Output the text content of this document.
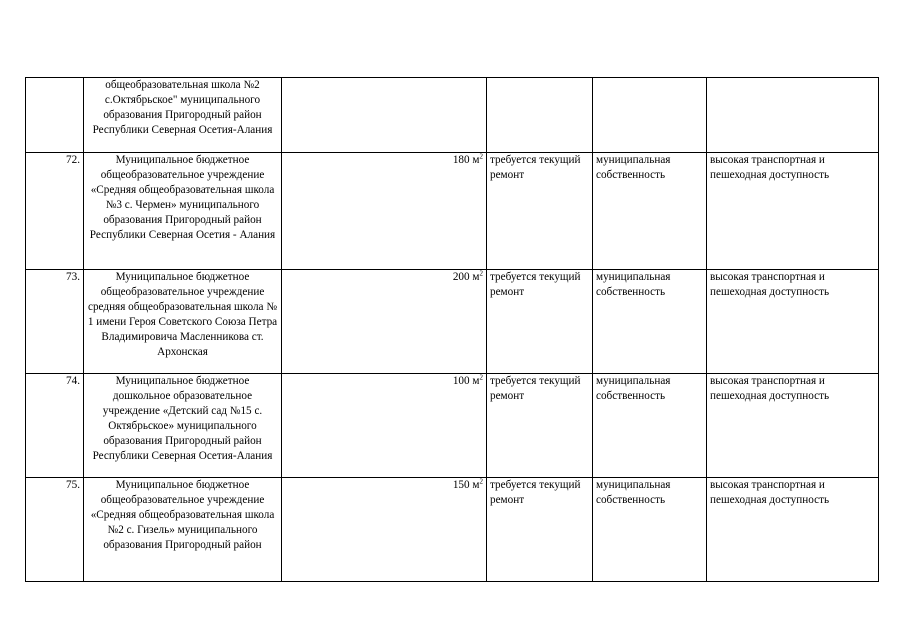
	общеобразовательная школа №2 с.Октябрьское" муниципального образования Пригородный район Республики Северная Осетия-Алания				
72.	Муниципальное бюджетное общеобразовательное учреждение «Средняя общеобразовательная школа №3 с. Чермен» муниципального образования Пригородный район Республики Северная Осетия - Алания	180 $м^2$	требуется текущий ремонт	муниципальная собственность	высокая транспортная и пешеходная доступность
73.	Муниципальное бюджетное общеобразовательное учреждение средняя общеобразовательная школа № 1 имени Героя Советского Союза Петра Владимировича Масленникова ст. Архонская	200 $м^2$	требуется текущий ремонт	муниципальная собственность	высокая транспортная и пешеходная доступность
74.	Муниципальное бюджетное дошкольное образовательное учреждение «Детский сад №15 с. Октябрьское» муниципального образования Пригородный район Республики Северная Осетия-Алания	100 $м^2$	требуется текущий ремонт	муниципальная собственность	высокая транспортная и пешеходная доступность
75.	Муниципальное бюджетное общеобразовательное учреждение «Средняя общеобразовательная школа №2 с. Гизель» муниципального образования Пригородный район	150 $м^2$	требуется текущий ремонт	муниципальная собственность	высокая транспортная и пешеходная доступность
